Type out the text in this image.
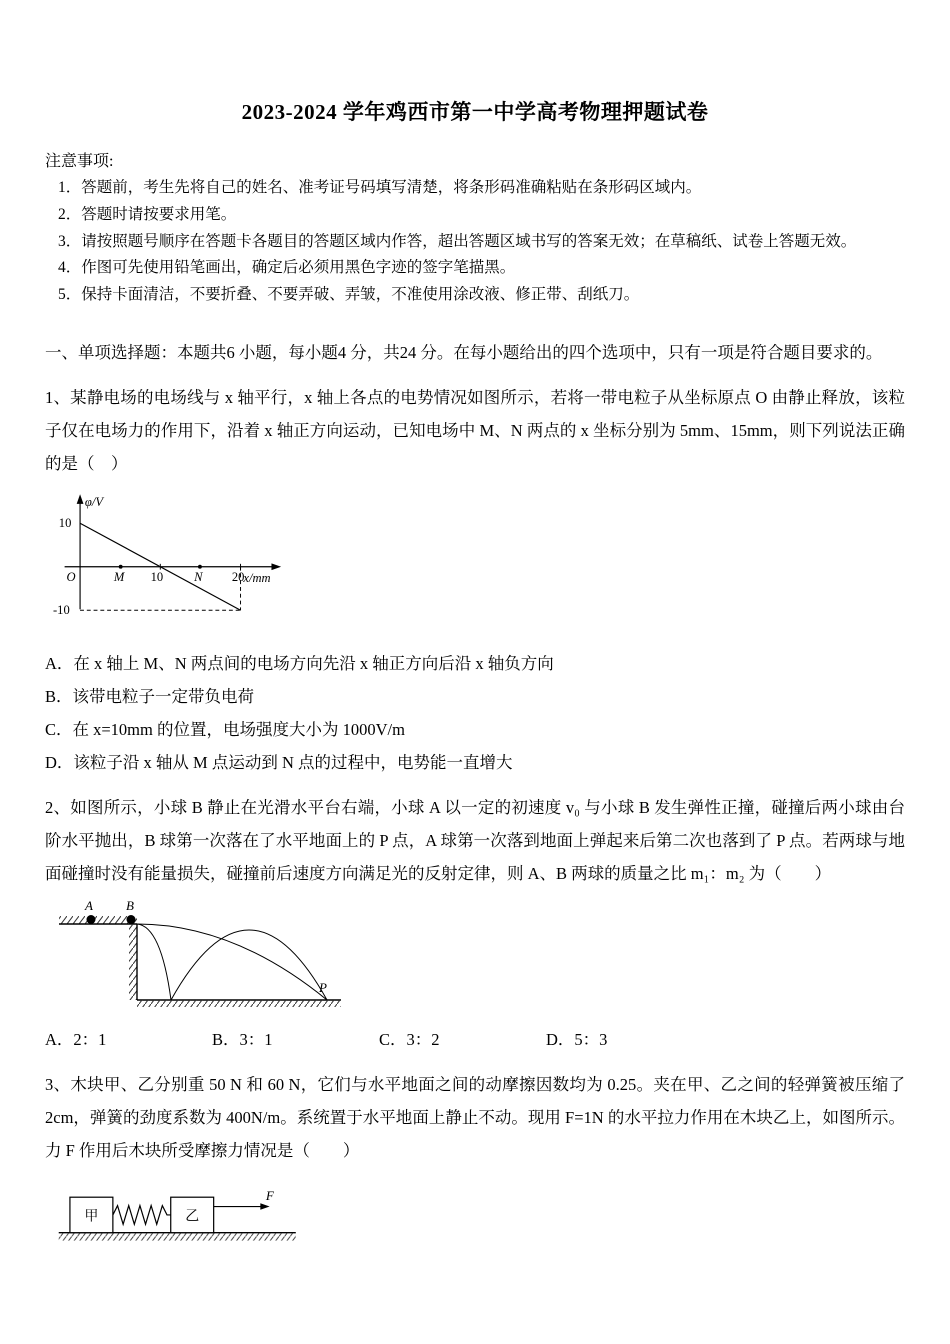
2023-2024 学年鸡西市第一中学高考物理押题试卷
注意事项:
1．答题前，考生先将自己的姓名、准考证号码填写清楚，将条形码准确粘贴在条形码区域内。
2．答题时请按要求用笔。
3．请按照题号顺序在答题卡各题目的答题区域内作答，超出答题区域书写的答案无效；在草稿纸、试卷上答题无效。
4．作图可先使用铅笔画出，确定后必须用黑色字迹的签字笔描黑。
5．保持卡面清洁，不要折叠、不要弄破、弄皱，不准使用涂改液、修正带、刮纸刀。
一、单项选择题：本题共6 小题，每小题4 分，共24 分。在每小题给出的四个选项中，只有一项是符合题目要求的。

1、某静电场的电场线与 x 轴平行，x 轴上各点的电势情况如图所示，若将一带电粒子从坐标原点 O 由静止释放，该粒子仅在电场力的作用下，沿着 x 轴正方向运动，已知电场中 M、N 两点的 x 坐标分别为 5mm、15mm，则下列说法正确的是（　）

φ/V
x/mm
10
-10
O	M 10 N 20
A．在 x 轴上 M、N 两点间的电场方向先沿 x 轴正方向后沿 x 轴负方向
B．该带电粒子一定带负电荷
C．在 x=10mm 的位置，电场强度大小为 1000V/m
D．该粒子沿 x 轴从 M 点运动到 N 点的过程中，电势能一直增大

2、如图所示，小球 B 静止在光滑水平台右端，小球 A 以一定的初速度 v₀ 与小球 B 发生弹性正撞，碰撞后两小球由台阶水平抛出，B 球第一次落在了水平地面上的 P 点，A 球第一次落到地面上弹起来后第二次也落到了 P 点。若两球与地面碰撞时没有能量损失，碰撞前后速度方向满足光的反射定律，则 A、B 两球的质量之比 m₁：m₂ 为（　　）

A	B
P
A．2：1	B．3：1	C．3：2	D．5：3

3、木块甲、乙分别重 50 N 和 60 N，它们与水平地面之间的动摩擦因数均为 0.25。夹在甲、乙之间的轻弹簧被压缩了 2cm，弹簧的劲度系数为 400N/m。系统置于水平地面上静止不动。现用 F=1N 的水平拉力作用在木块乙上，如图所示。力 F 作用后木块所受摩擦力情况是（　　）

甲	乙
F
